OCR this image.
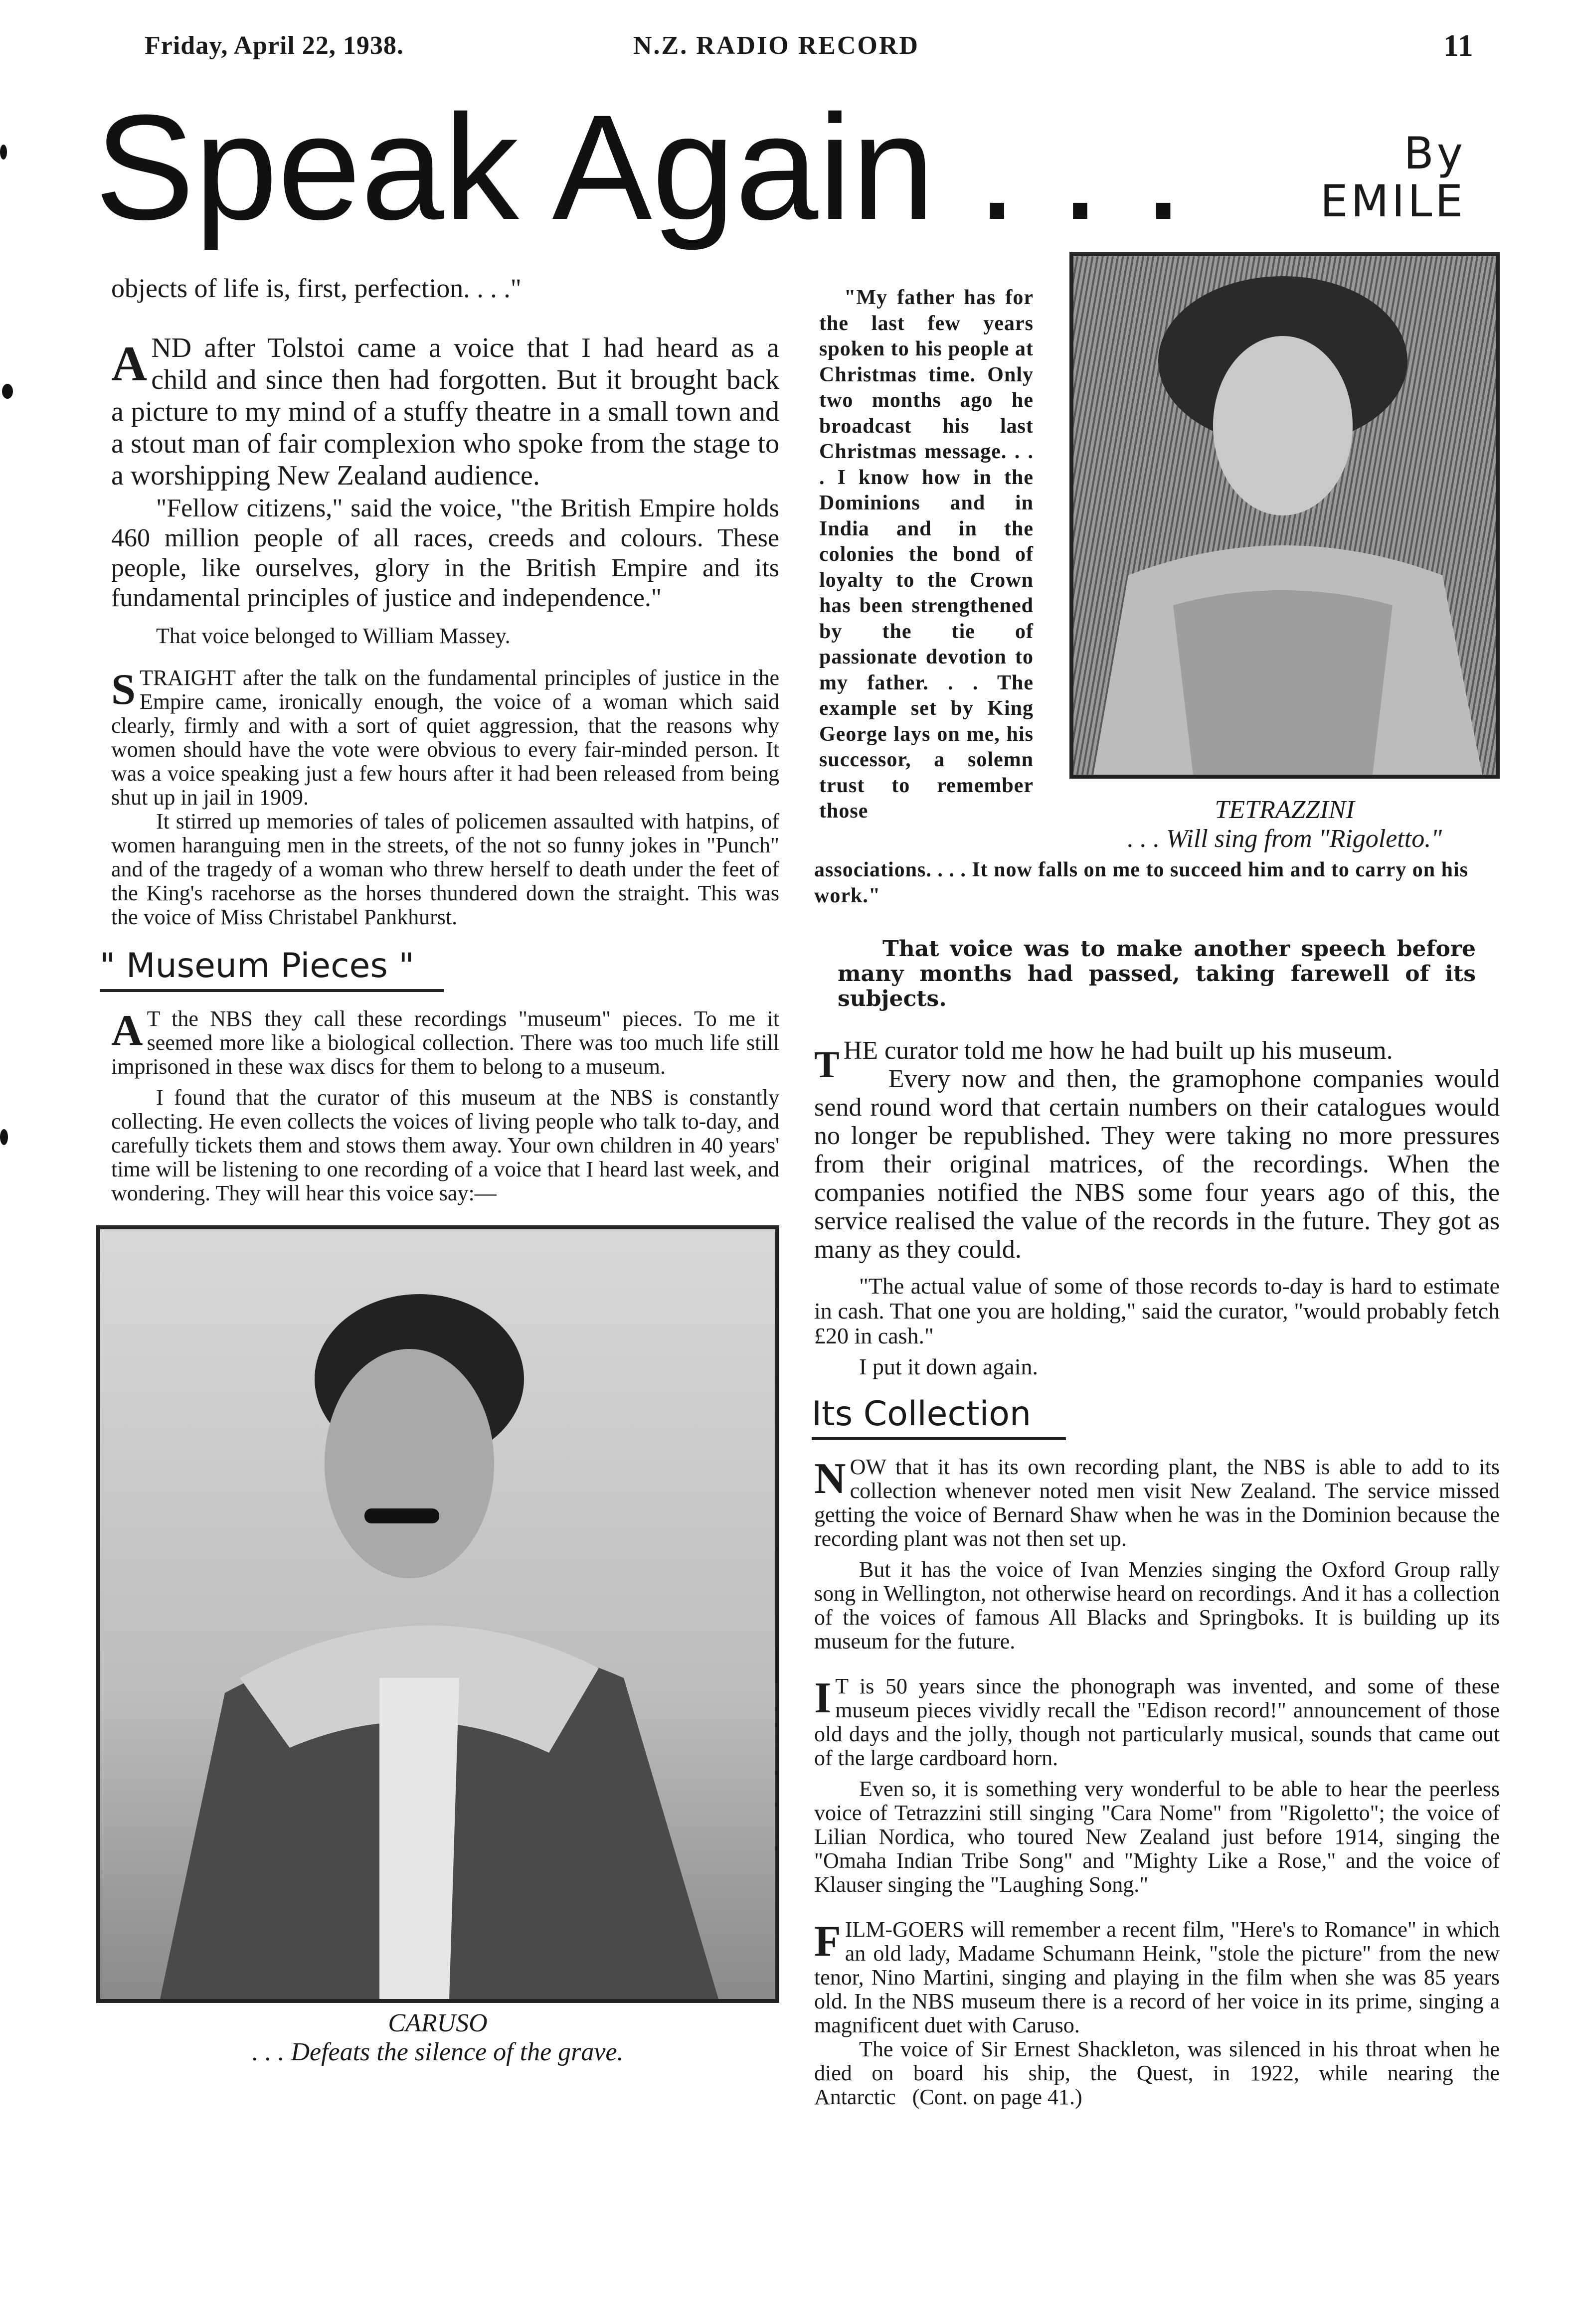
Friday, April 22, 1938.	N.Z. RADIO RECORD	11
Speak Again . . .	By
EMILE

objects of life is, first, perfection. . . ."

AND after Tolstoi came a voice that I had heard as a child and since then had forgotten. But it brought back a picture to my mind of a stuffy theatre in a small town and a stout man of fair complexion who spoke from the stage to a worshipping New Zealand audience.

"Fellow citizens," said the voice, "the British Empire holds 460 million people of all races, creeds and colours. These people, like ourselves, glory in the British Empire and its fundamental principles of justice and independence."

That voice belonged to William Massey.

STRAIGHT after the talk on the fundamental principles of justice in the Empire came, ironically enough, the voice of a woman which said clearly, firmly and with a sort of quiet aggression, that the reasons why women should have the vote were obvious to every fair-minded person. It was a voice speaking just a few hours after it had been released from being shut up in jail in 1909.

It stirred up memories of tales of policemen assaulted with hatpins, of women haranguing men in the streets, of the not so funny jokes in "Punch" and of the tragedy of a woman who threw herself to death under the feet of the King's racehorse as the horses thundered down the straight. This was the voice of Miss Christabel Pankhurst.

" Museum Pieces "

A T the NBS they call these recordings "museum" pieces. To me it seemed more like a biological collection. There was too much life still imprisoned in these wax discs for them to belong to a museum.

I found that the curator of this museum at the NBS is constantly collecting. He even collects the voices of living people who talk to-day, and carefully tickets them and stows them away. Your own children in 40 years' time will be listening to one recording of a voice that I heard last week, and wondering. They will hear this voice say:—

CARUSO
. . . Defeats the silence of the grave.

"My father has for the last few years spoken to his people at Christmas time. Only two months ago he broadcast his last Christmas message. . . . I know how in the Dominions and in India and in the colonies the bond of loyalty to the Crown has been strengthened by the tie of passionate devotion to my father. . . The example set by King George lays on me, his successor, a solemn trust to remember those	TETRAZZINI
. . . Will sing from "Rigoletto."
associations. . . . It now falls on me to succeed him and to carry on his work."

That voice was to make another speech before many months had passed, taking farewell of its subjects.

T HE curator told me how he had built up his museum.

Every now and then, the gramophone companies would send round word that certain numbers on their catalogues would no longer be republished. They were taking no more pressures from their original matrices, of the recordings. When the companies notified the NBS some four years ago of this, the service realised the value of the records in the future. They got as many as they could.

"The actual value of some of those records to-day is hard to estimate in cash. That one you are holding," said the curator, "would probably fetch £20 in cash."

I put it down again.

Its Collection

NOW that it has its own recording plant, the NBS is able to add to its collection whenever noted men visit New Zealand. The service missed getting the voice of Bernard Shaw when he was in the Dominion because the recording plant was not then set up.

But it has the voice of Ivan Menzies singing the Oxford Group rally song in Wellington, not otherwise heard on recordings. And it has a collection of the voices of famous All Blacks and Springboks. It is building up its museum for the future.

I T is 50 years since the phonograph was invented, and some of these museum pieces vividly recall the "Edison record!" announcement of those old days and the jolly, though not particularly musical, sounds that came out of the large cardboard horn.

Even so, it is something very wonderful to be able to hear the peerless voice of Tetrazzini still singing "Cara Nome" from "Rigoletto"; the voice of Lilian Nordica, who toured New Zealand just before 1914, singing the "Omaha Indian Tribe Song" and "Mighty Like a Rose," and the voice of Klauser singing the "Laughing Song."

FILM-GOERS will remember a recent film, "Here's to Romance" in which an old lady, Madame Schumann Heink, "stole the picture" from the new tenor, Nino Martini, singing and playing in the film when she was 85 years old. In the NBS museum there is a record of her voice in its prime, singing a magnificent duet with Caruso.

The voice of Sir Ernest Shackleton, was silenced in his throat when he died on board his ship, the Quest, in 1922, while nearing the Antarctic (Cont. on page 41.)
